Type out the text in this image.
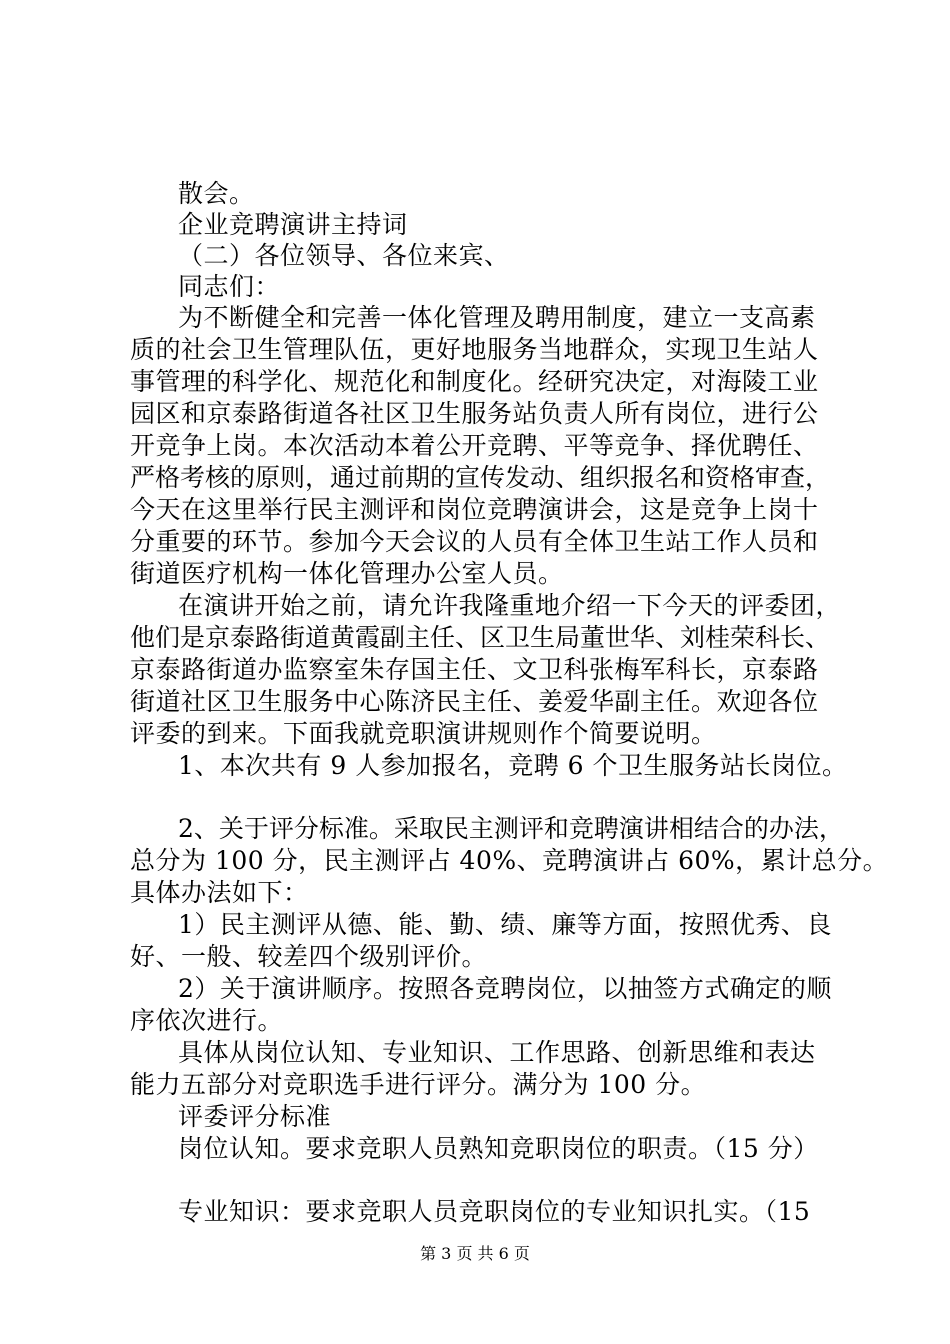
散会。

企业竞聘演讲主持词

（二）各位领导、各位来宾、

同志们：

为不断健全和完善一体化管理及聘用制度，建立一支高素

质的社会卫生管理队伍，更好地服务当地群众，实现卫生站人

事管理的科学化、规范化和制度化。经研究决定，对海陵工业

园区和京泰路街道各社区卫生服务站负责人所有岗位，进行公

开竞争上岗。本次活动本着公开竞聘、平等竞争、择优聘任、

严格考核的原则，通过前期的宣传发动、组织报名和资格审查，

今天在这里举行民主测评和岗位竞聘演讲会，这是竞争上岗十

分重要的环节。参加今天会议的人员有全体卫生站工作人员和

街道医疗机构一体化管理办公室人员。

在演讲开始之前，请允许我隆重地介绍一下今天的评委团，

他们是京泰路街道黄霞副主任、区卫生局董世华、刘桂荣科长、

京泰路街道办监察室朱存国主任、文卫科张梅军科长，京泰路

街道社区卫生服务中心陈济民主任、姜爱华副主任。欢迎各位

评委的到来。下面我就竞职演讲规则作个简要说明。

1、本次共有 9 人参加报名，竞聘 6 个卫生服务站长岗位。

2、关于评分标准。采取民主测评和竞聘演讲相结合的办法，

总分为 100 分，民主测评占 40%、竞聘演讲占 60%，累计总分。

具体办法如下：

1）民主测评从德、能、勤、绩、廉等方面，按照优秀、良

好、一般、较差四个级别评价。

2）关于演讲顺序。按照各竞聘岗位，以抽签方式确定的顺

序依次进行。

具体从岗位认知、专业知识、工作思路、创新思维和表达

能力五部分对竞职选手进行评分。满分为 100 分。

评委评分标准

岗位认知。要求竞职人员熟知竞职岗位的职责。（15 分）

专业知识：要求竞职人员竞职岗位的专业知识扎实。（15

第 3 页 共 6 页
